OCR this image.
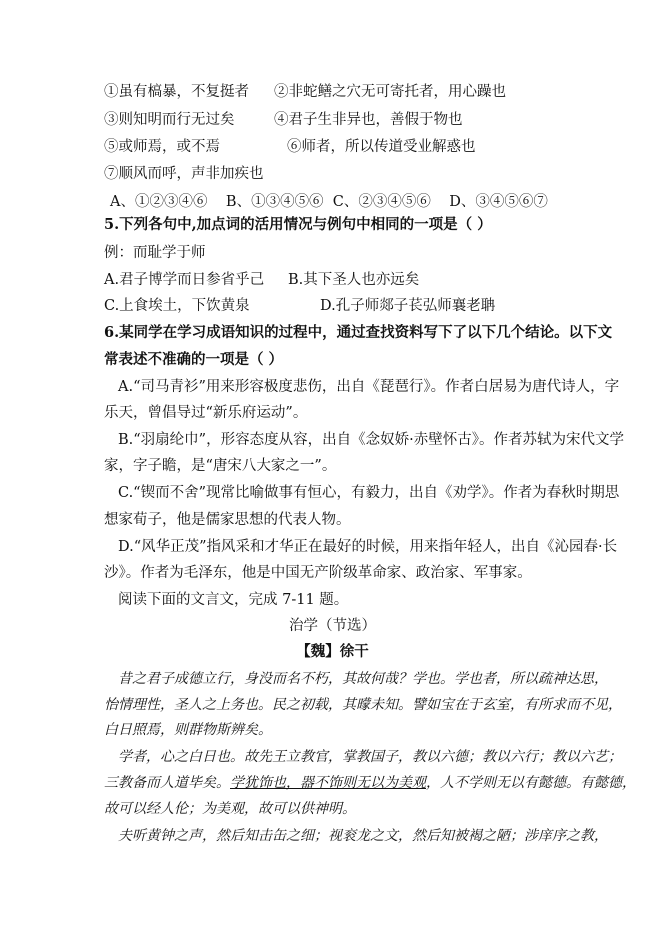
①虽有槁暴，不复挺者 ②非蛇鳝之穴无可寄托者，用心躁也
③则知明而行无过矣	④君子生非异也，善假于物也
⑤或师焉，或不焉	⑥师者，所以传道受业解惑也
⑦顺风而呼，声非加疾也
A、①②③④⑥    B、①③④⑤⑥  C、②③④⑤⑥    D、③④⑤⑥⑦
5.下列各句中,加点词的活用情况与例句中相同的一项是（ ）
例：而耻学于师
A.君子博学而日参省乎己 B.其下圣人也亦远矣
C.上食埃土，下饮黄泉	D.孔子师郯子苌弘师襄老聃
6.某同学在学习成语知识的过程中，通过查找资料写下了以下几个结论。以下文
常表述不准确的一项是（ ）
A.“司马青衫”用来形容极度悲伤，出自《琵琶行》。作者白居易为唐代诗人，字
乐天，曾倡导过“新乐府运动”。
B.“羽扇纶巾”，形容态度从容，出自《念奴娇·赤壁怀古》。作者苏轼为宋代文学
家，字子瞻，是“唐宋八大家之一”。
C.“锲而不舍”现常比喻做事有恒心，有毅力，出自《劝学》。作者为春秋时期思
想家荀子，他是儒家思想的代表人物。
D.“风华正茂”指风采和才华正在最好的时候，用来指年轻人，出自《沁园春·长
沙》。作者为毛泽东，他是中国无产阶级革命家、政治家、军事家。
阅读下面的文言文，完成 7-11 题。
治学（节选）
【魏】徐干
昔之君子成德立行，身没而名不朽，其故何哉？学也。学也者，所以疏神达思，
怡情理性，圣人之上务也。民之初载，其曚未知。譬如宝在于玄室，有所求而不见，
白日照焉，则群物斯辨矣。
学者，心之白日也。故先王立教官，掌教国子，教以六德；教以六行；教以六艺；
三教备而人道毕矣。学犹饰也，器不饰则无以为美观，人不学则无以有懿德。有懿德，
故可以经人伦；为美观，故可以供神明。
夫听黄钟之声，然后知击缶之细；视衮龙之文，然后知被褐之陋；涉庠序之教，
